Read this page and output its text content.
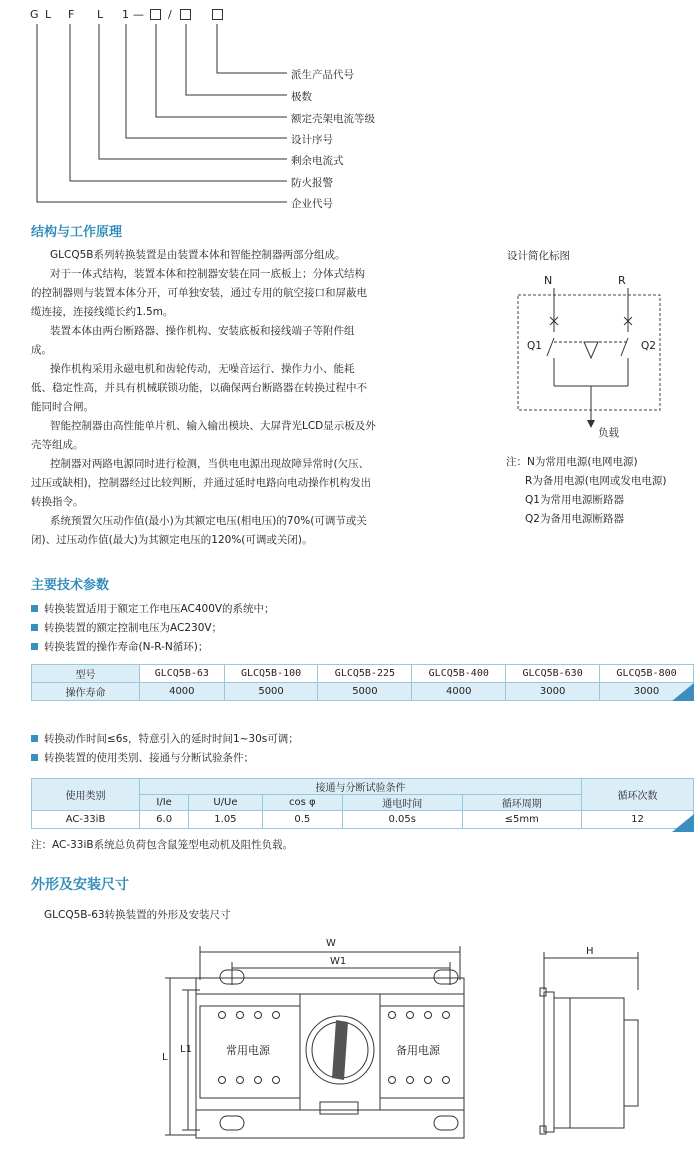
G L F L 1 — /
派生产品代号
极数
额定壳架电流等级
设计序号
剩余电流式
防火报警
企业代号
结构与工作原理
GLCQ5B系列转换装置是由装置本体和智能控制器两部分组成。
对于一体式结构，装置本体和控制器安装在同一底板上；分体式结构
的控制器则与装置本体分开，可单独安装，通过专用的航空接口和屏蔽电
缆连接，连接线缆长约1.5m。
装置本体由两台断路器、操作机构、安装底板和接线端子等附件组
成。
操作机构采用永磁电机和齿轮传动，无噪音运行、操作力小、能耗
低、稳定性高，并具有机械联锁功能，以确保两台断路器在转换过程中不
能同时合闸。
智能控制器由高性能单片机、输入输出模块、大屏背光LCD显示板及外
壳等组成。
控制器对两路电源同时进行检测，当供电电源出现故障异常时(欠压、
过压或缺相)，控制器经过比较判断，并通过延时电路向电动操作机构发出
转换指令。
系统预置欠压动作值(最小)为其额定电压(相电压)的70%(可调节或关
闭)、过压动作值(最大)为其额定电压的120%(可调或关闭)。
设计简化标图
N	R
Q1	Q2
负载
注：N为常用电源(电网电源)
R为备用电源(电网或发电电源)
Q1为常用电源断路器
Q2为备用电源断路器
主要技术参数
转换装置适用于额定工作电压AC400V的系统中；
转换装置的额定控制电压为AC230V；
转换装置的操作寿命(N-R-N循环)；
型号	GLCQ5B-63	GLCQ5B-100	GLCQ5B-225	GLCQ5B-400	GLCQ5B-630	GLCQ5B-800
操作寿命	4000	5000	5000	4000	3000	3000
转换动作时间≤6s，特意引入的延时时间1~30s可调；
转换装置的使用类别、接通与分断试验条件；
使用类别	接通与分断试验条件					循环次数
	I/Ie	U/Ue	cos φ	通电时间	循环周期	
AC-33iB	6.0	1.05	0.5	0.05s	≤5mm	12
注：AC-33iB系统总负荷包含鼠笼型电动机及阻性负载。
外形及安装尺寸
GLCQ5B-63转换装置的外形及安装尺寸
W
W1
L
L1	常用电源	备用电源
H
